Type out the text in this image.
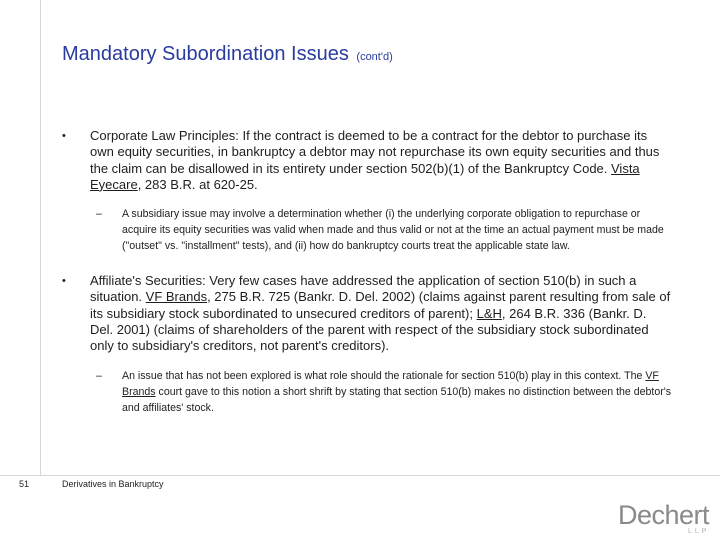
Mandatory Subordination Issues (cont'd)
• Corporate Law Principles: If the contract is deemed to be a contract for the debtor to purchase its own equity securities, in bankruptcy a debtor may not repurchase its own equity securities and thus the claim can be disallowed in its entirety under section 502(b)(1) of the Bankruptcy Code. Vista Eyecare, 283 B.R. at 620-25.
– A subsidiary issue may involve a determination whether (i) the underlying corporate obligation to repurchase or acquire its equity securities was valid when made and thus valid or not at the time an actual payment must be made ("outset" vs. "installment" tests), and (ii) how do bankruptcy courts treat the applicable state law.
• Affiliate's Securities: Very few cases have addressed the application of section 510(b) in such a situation. VF Brands, 275 B.R. 725 (Bankr. D. Del. 2002) (claims against parent resulting from sale of its subsidiary stock subordinated to unsecured creditors of parent); L&H, 264 B.R. 336 (Bankr. D. Del. 2001) (claims of shareholders of the parent with respect of the subsidiary stock subordinated only to subsidiary's creditors, not parent's creditors).
– An issue that has not been explored is what role should the rationale for section 510(b) play in this context. The VF Brands court gave to this notion a short shrift by stating that section 510(b) makes no distinction between the debtor's and affiliates' stock.
51	Derivatives in Bankruptcy
Dechert
LLP
